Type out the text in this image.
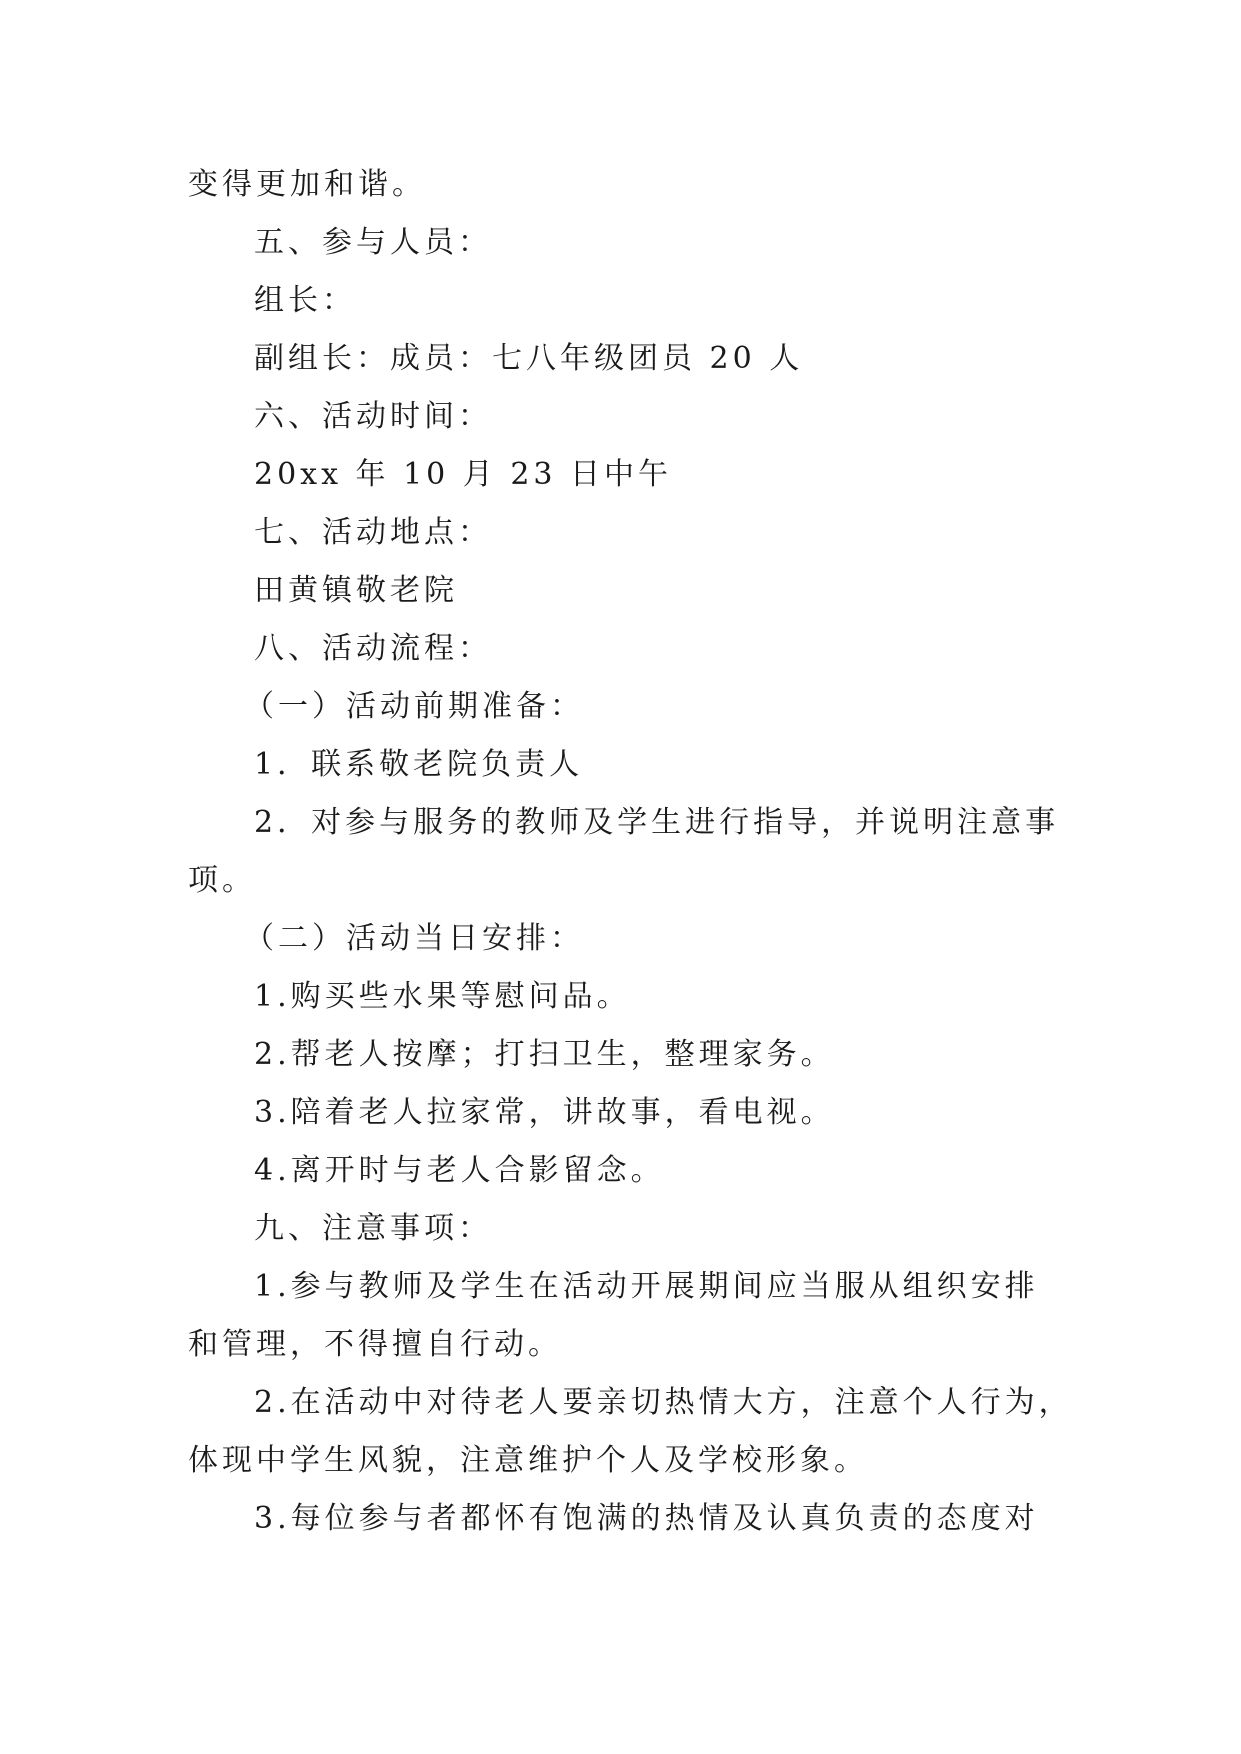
变得更加和谐。
五、参与人员：
组长：
副组长：成员：七八年级团员 20 人
六、活动时间：
20xx 年 10 月 23 日中午
七、活动地点：
田黄镇敬老院
八、活动流程：
（一）活动前期准备：
1．联系敬老院负责人
2．对参与服务的教师及学生进行指导，并说明注意事
项。
（二）活动当日安排：
1.购买些水果等慰问品。
2.帮老人按摩；打扫卫生，整理家务。
3.陪着老人拉家常，讲故事，看电视。
4.离开时与老人合影留念。
九、注意事项：
1.参与教师及学生在活动开展期间应当服从组织安排
和管理，不得擅自行动。
2.在活动中对待老人要亲切热情大方，注意个人行为，
体现中学生风貌，注意维护个人及学校形象。
3.每位参与者都怀有饱满的热情及认真负责的态度对
